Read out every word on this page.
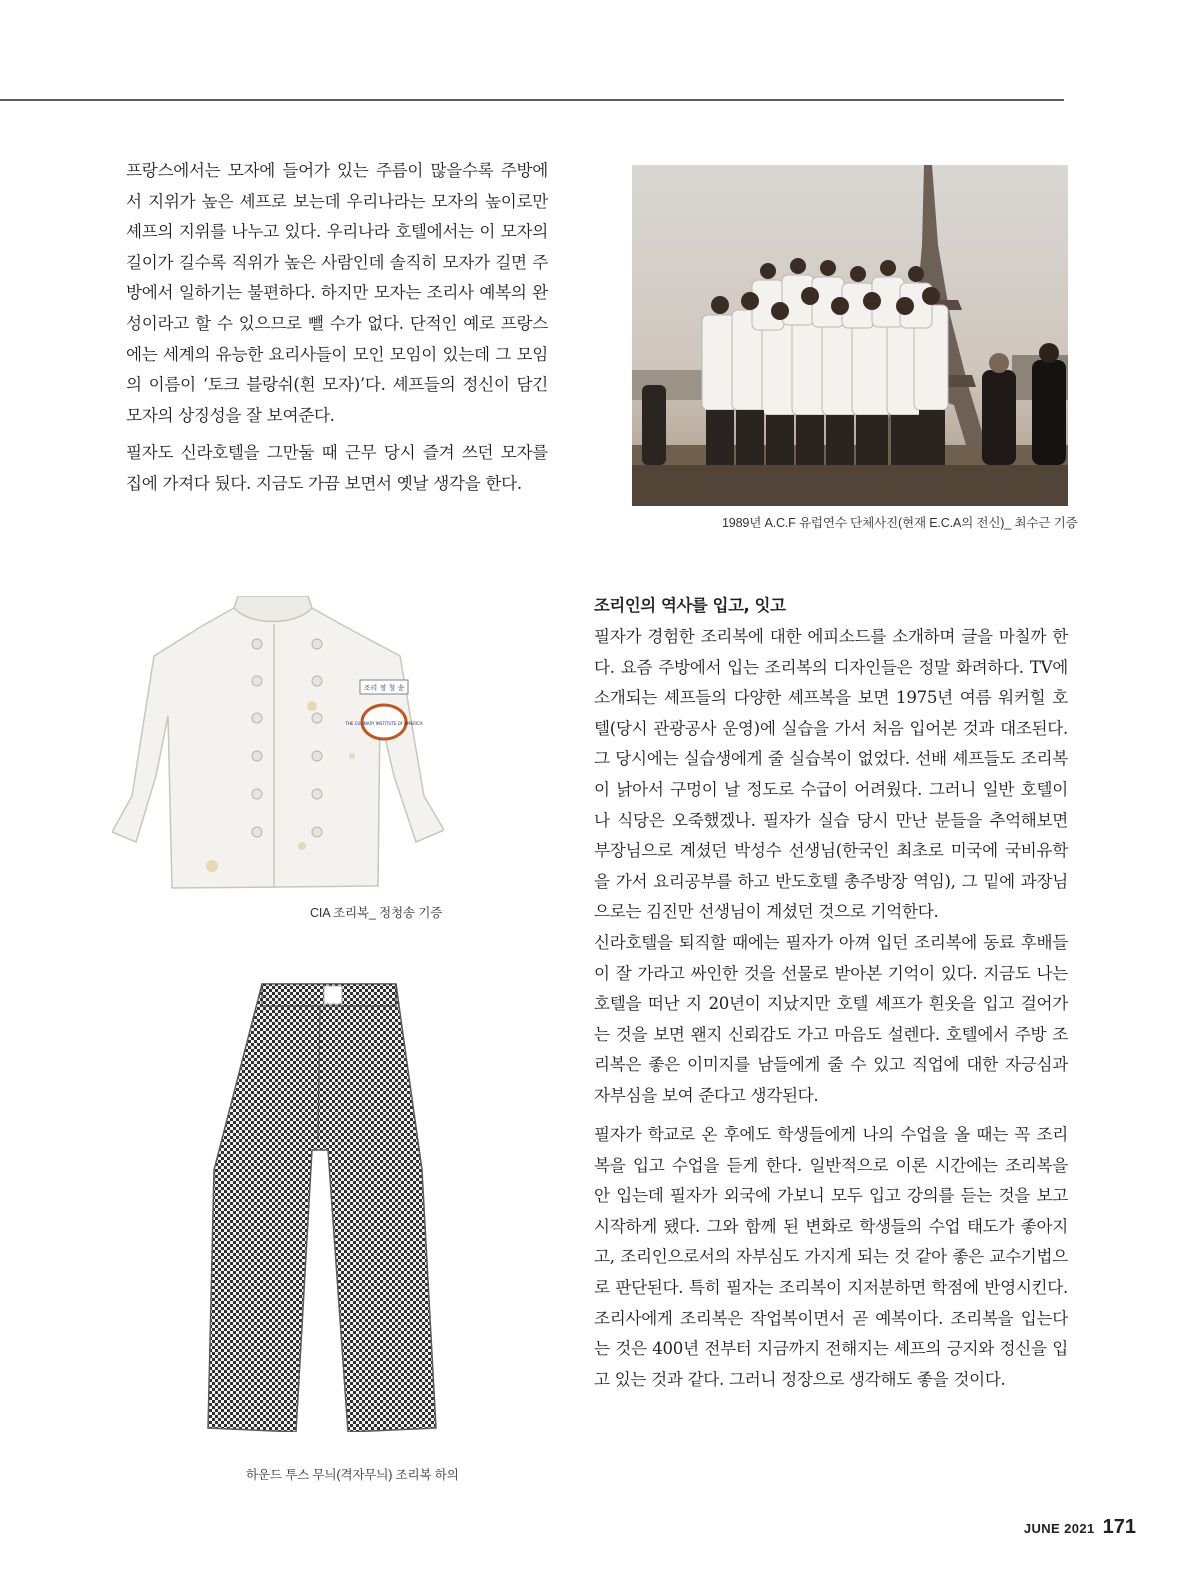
프랑스에서는 모자에 들어가 있는 주름이 많을수록 주방에서 지위가 높은 셰프로 보는데 우리나라는 모자의 높이로만 셰프의 지위를 나누고 있다. 우리나라 호텔에서는 이 모자의 길이가 길수록 직위가 높은 사람인데 솔직히 모자가 길면 주방에서 일하기는 불편하다. 하지만 모자는 조리사 예복의 완성이라고 할 수 있으므로 뺄 수가 없다. 단적인 예로 프랑스에는 세계의 유능한 요리사들이 모인 모임이 있는데 그 모임의 이름이 ‘토크 블랑쉬(흰 모자)’다. 셰프들의 정신이 담긴 모자의 상징성을 잘 보여준다.

필자도 신라호텔을 그만둘 때 근무 당시 즐겨 쓰던 모자를 집에 가져다 뒀다. 지금도 가끔 보면서 옛날 생각을 한다.

1989년 A.C.F 유럽연수 단체사진(현재 E.C.A의 전신)_ 최수근 기증

조리 정 청 송
THE CULINARY INSTITUTE OF AMERICA

CIA 조리복_ 정청송 기증

하운드 투스 무늬(격자무늬) 조리복 하의

조리인의 역사를 입고, 잇고

필자가 경험한 조리복에 대한 에피소드를 소개하며 글을 마칠까 한다. 요즘 주방에서 입는 조리복의 디자인들은 정말 화려하다. TV에 소개되는 셰프들의 다양한 셰프복을 보면 1975년 여름 워커힐 호텔(당시 관광공사 운영)에 실습을 가서 처음 입어본 것과 대조된다. 그 당시에는 실습생에게 줄 실습복이 없었다. 선배 셰프들도 조리복이 낡아서 구멍이 날 정도로 수급이 어려웠다. 그러니 일반 호텔이나 식당은 오죽했겠나. 필자가 실습 당시 만난 분들을 추억해보면 부장님으로 계셨던 박성수 선생님(한국인 최초로 미국에 국비유학을 가서 요리공부를 하고 반도호텔 총주방장 역임), 그 밑에 과장님으로는 김진만 선생님이 계셨던 것으로 기억한다.

신라호텔을 퇴직할 때에는 필자가 아껴 입던 조리복에 동료 후배들이 잘 가라고 싸인한 것을 선물로 받아본 기억이 있다. 지금도 나는 호텔을 떠난 지 20년이 지났지만 호텔 셰프가 흰옷을 입고 걸어가는 것을 보면 왠지 신뢰감도 가고 마음도 설렌다. 호텔에서 주방 조리복은 좋은 이미지를 남들에게 줄 수 있고 직업에 대한 자긍심과 자부심을 보여 준다고 생각된다.

필자가 학교로 온 후에도 학생들에게 나의 수업을 올 때는 꼭 조리복을 입고 수업을 듣게 한다. 일반적으로 이론 시간에는 조리복을 안 입는데 필자가 외국에 가보니 모두 입고 강의를 듣는 것을 보고 시작하게 됐다. 그와 함께 된 변화로 학생들의 수업 태도가 좋아지고, 조리인으로서의 자부심도 가지게 되는 것 같아 좋은 교수기법으로 판단된다. 특히 필자는 조리복이 지저분하면 학점에 반영시킨다. 조리사에게 조리복은 작업복이면서 곧 예복이다. 조리복을 입는다는 것은 400년 전부터 지금까지 전해지는 셰프의 긍지와 정신을 입고 있는 것과 같다. 그러니 정장으로 생각해도 좋을 것이다.

JUNE 2021 171
